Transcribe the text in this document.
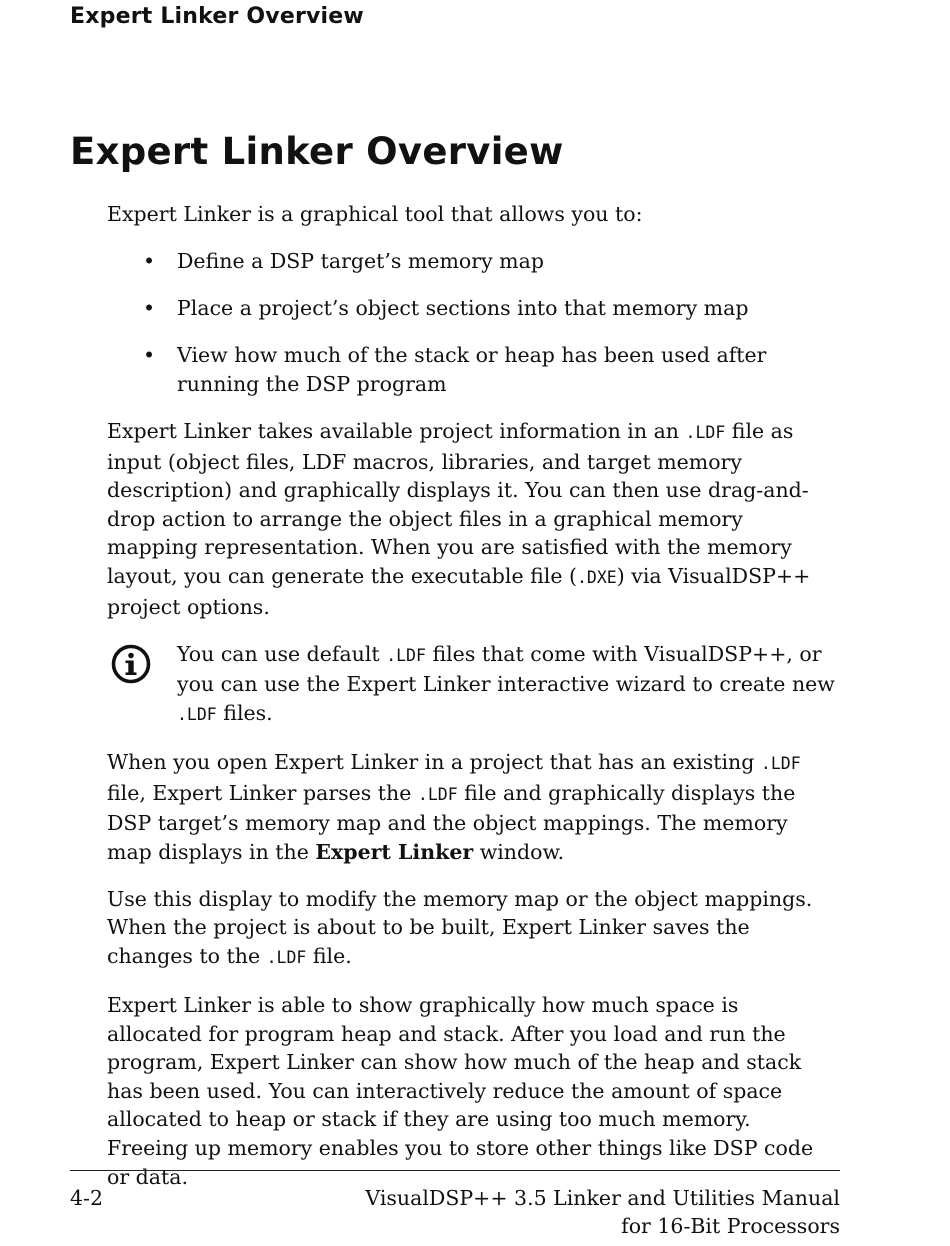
Expert Linker Overview
Expert Linker Overview

Expert Linker is a graphical tool that allows you to:

• Define a DSP target’s memory map
• Place a project’s object sections into that memory map
• View how much of the stack or heap has been used after running the DSP program

Expert Linker takes available project information in an .LDF file as input (object files, LDF macros, libraries, and target memory description) and graphically displays it. You can then use drag-and-drop action to arrange the object files in a graphical memory mapping representation. When you are satisfied with the memory layout, you can generate the executable file (.DXE) via VisualDSP++ project options.

You can use default .LDF files that come with VisualDSP++, or you can use the Expert Linker interactive wizard to create new .LDF files.

When you open Expert Linker in a project that has an existing .LDF file, Expert Linker parses the .LDF file and graphically displays the DSP target’s memory map and the object mappings. The memory map displays in the Expert Linker window.

Use this display to modify the memory map or the object mappings. When the project is about to be built, Expert Linker saves the changes to the .LDF file.

Expert Linker is able to show graphically how much space is allocated for program heap and stack. After you load and run the program, Expert Linker can show how much of the heap and stack has been used. You can interactively reduce the amount of space allocated to heap or stack if they are using too much memory. Freeing up memory enables you to store other things like DSP code or data.

4-2	VisualDSP++ 3.5 Linker and Utilities Manual
for 16-Bit Processors
